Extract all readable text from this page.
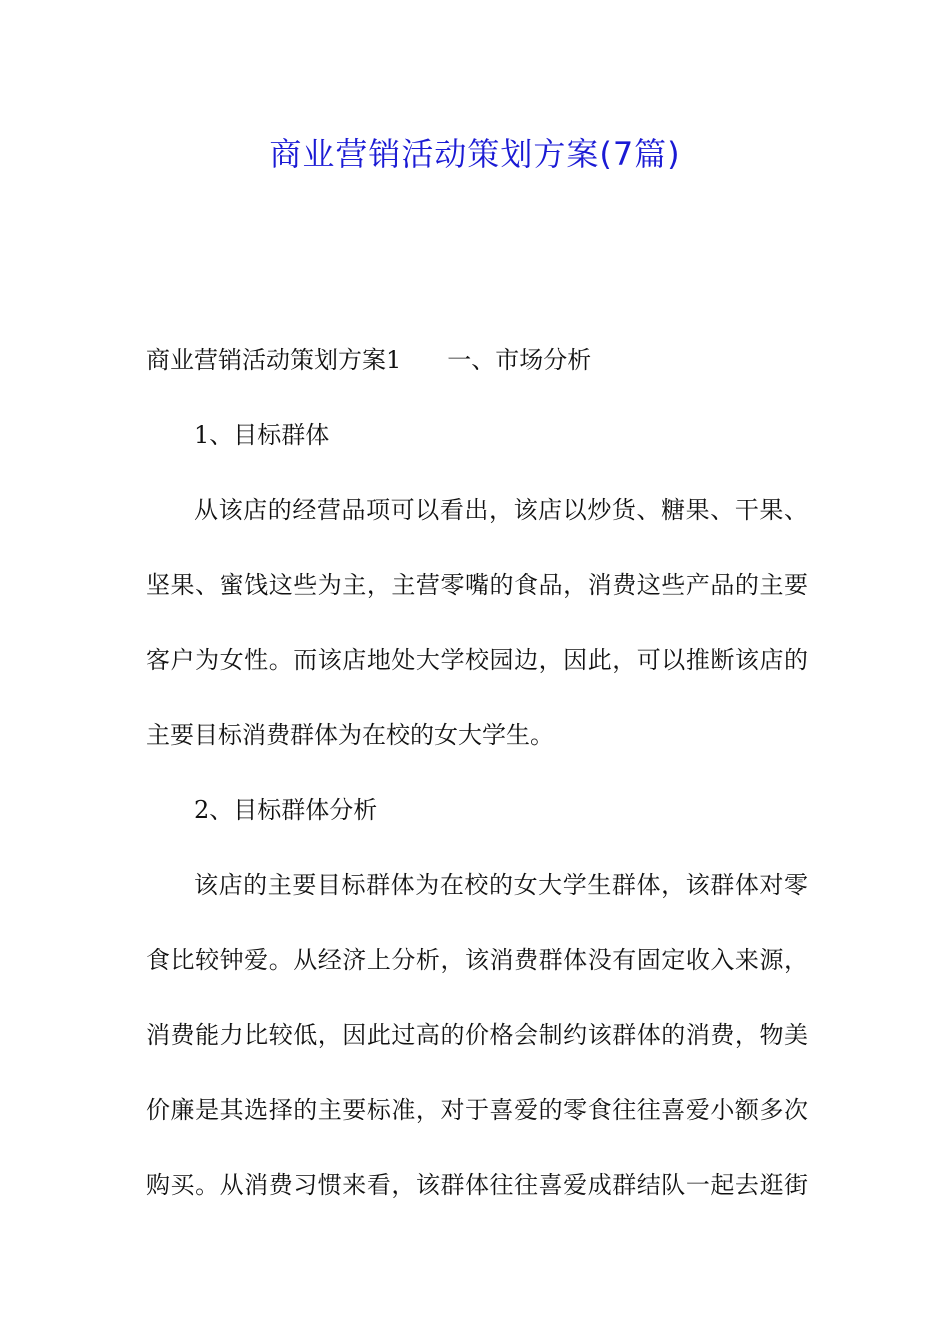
商业营销活动策划方案(7篇)
商业营销活动策划方案1 一、市场分析
1、目标群体
从该店的经营品项可以看出，该店以炒货、糖果、干果、
坚果、蜜饯这些为主，主营零嘴的食品，消费这些产品的主要
客户为女性。而该店地处大学校园边，因此，可以推断该店的
主要目标消费群体为在校的女大学生。
2、目标群体分析
该店的主要目标群体为在校的女大学生群体，该群体对零
食比较钟爱。从经济上分析，该消费群体没有固定收入来源，
消费能力比较低，因此过高的价格会制约该群体的消费，物美
价廉是其选择的主要标准，对于喜爱的零食往往喜爱小额多次
购买。从消费习惯来看，该群体往往喜爱成群结队一起去逛街
